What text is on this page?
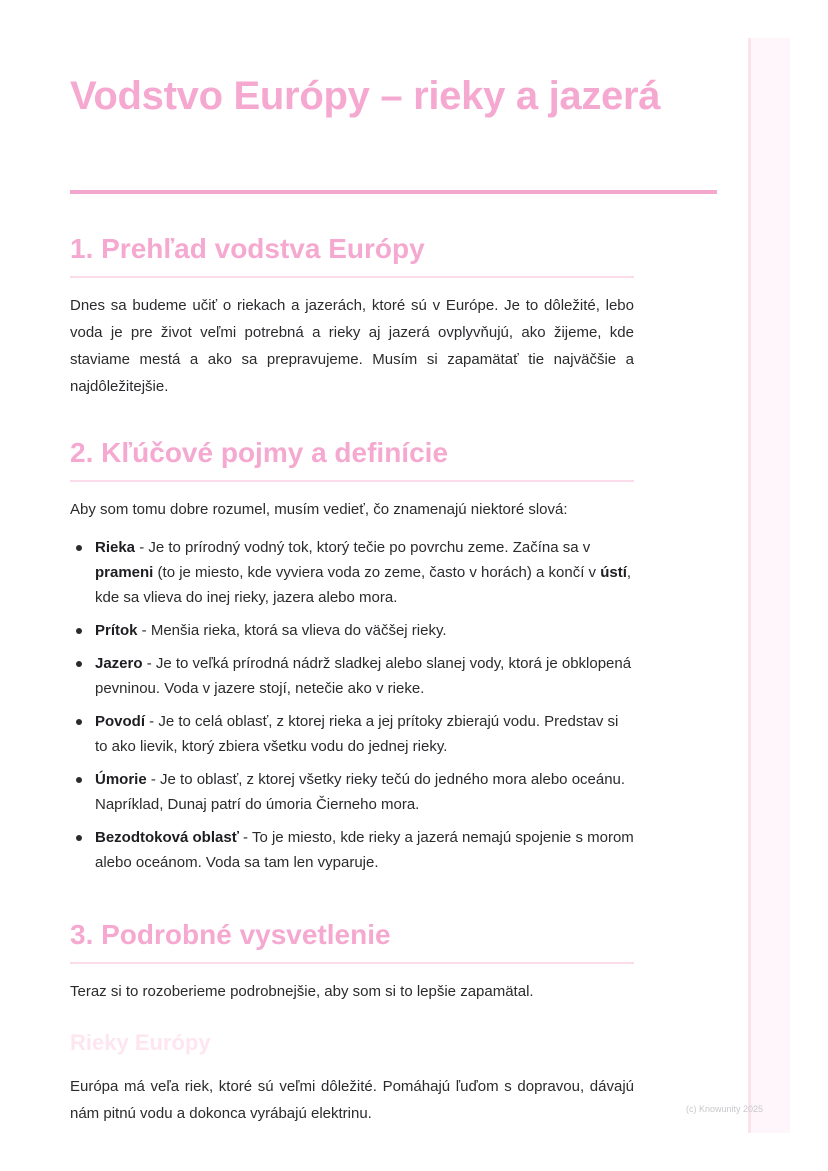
Vodstvo Európy – rieky a jazerá
1. Prehľad vodstva Európy

Dnes sa budeme učiť o riekach a jazerách, ktoré sú v Európe. Je to dôležité, lebo voda je pre život veľmi potrebná a rieky aj jazerá ovplyvňujú, ako žijeme, kde staviame mestá a ako sa prepravujeme. Musím si zapamätať tie najväčšie a najdôležitejšie.

2. Kľúčové pojmy a definície

Aby som tomu dobre rozumel, musím vedieť, čo znamenajú niektoré slová:

Rieka - Je to prírodný vodný tok, ktorý tečie po povrchu zeme. Začína sa v prameni (to je miesto, kde vyviera voda zo zeme, často v horách) a končí v ústí, kde sa vlieva do inej rieky, jazera alebo mora.
Prítok - Menšia rieka, ktorá sa vlieva do väčšej rieky.
Jazero - Je to veľká prírodná nádrž sladkej alebo slanej vody, ktorá je obklopená pevninou. Voda v jazere stojí, netečie ako v rieke.
Povodí - Je to celá oblasť, z ktorej rieka a jej prítoky zbierajú vodu. Predstav si to ako lievik, ktorý zbiera všetku vodu do jednej rieky.
Úmorie - Je to oblasť, z ktorej všetky rieky tečú do jedného mora alebo oceánu. Napríklad, Dunaj patrí do úmoria Čierneho mora.
Bezodtoková oblasť - To je miesto, kde rieky a jazerá nemajú spojenie s morom alebo oceánom. Voda sa tam len vyparuje.
3. Podrobné vysvetlenie

Teraz si to rozoberieme podrobnejšie, aby som si to lepšie zapamätal.

Rieky Európy

Európa má veľa riek, ktoré sú veľmi dôležité. Pomáhajú ľuďom s dopravou, dávajú nám pitnú vodu a dokonca vyrábajú elektrinu.	(c) Knowunity 2025
